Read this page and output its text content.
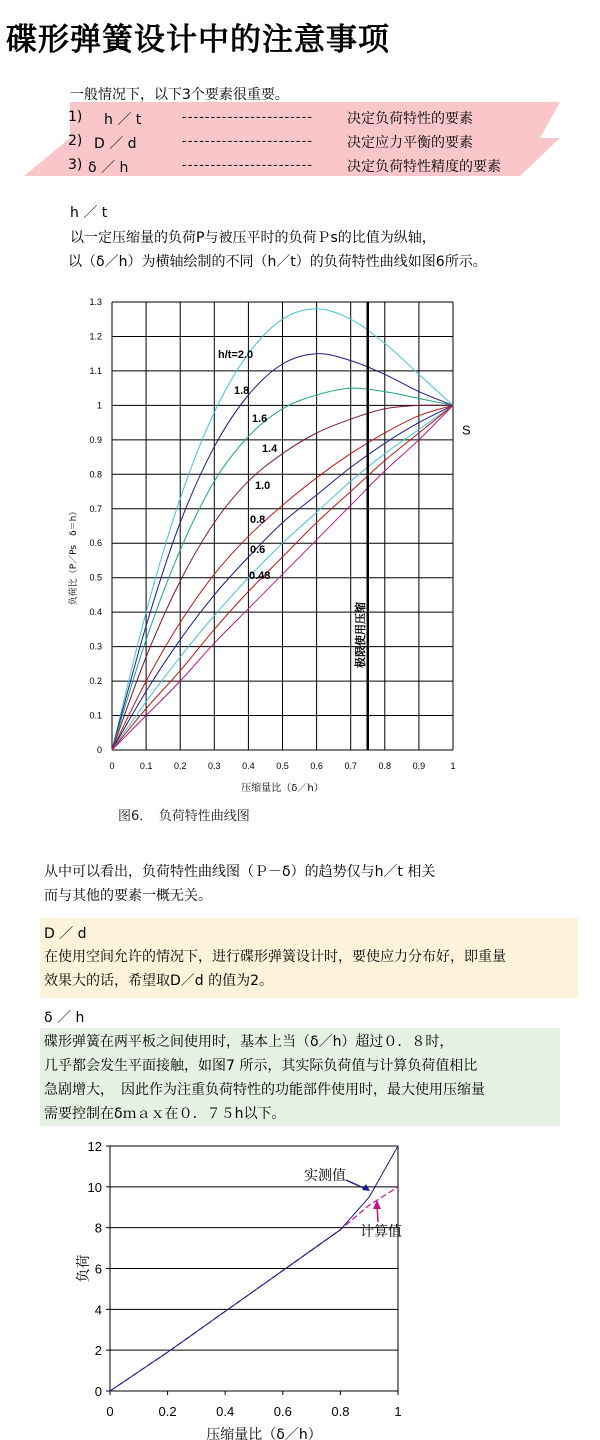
碟形弹簧设计中的注意事项
一般情况下，以下3个要素很重要。
1) h ／ t	----------------------- 决定负荷特性的要素
2) D ／ d	----------------------- 决定应力平衡的要素
3) δ ／ h	----------------------- 决定负荷特性精度的要素
h ／ t
以一定压缩量的负荷P与被压平时的负荷Ｐs的比值为纵轴，
以（δ／h）为横轴绘制的不同（h／t）的负荷特性曲线如图6所示。
0	0.1 0.2 0.3 0.4 0.5 0.6 0.7 0.8 0.9	1
0
0.1
0.2
0.3
0.4
0.5
0.6
0.7
0.8
0.9
1
1.1
1.2
1.3
压缩量比（δ／h）
负荷比（P／Ps　δ＝h）
h/t=2.0
1.8
1.6
1.4
1.0
0.8
0.6
0.48
极限使用压缩
S
图6．　负荷特性曲线图
从中可以看出，负荷特性曲线图（Ｐ－δ）的趋势仅与h／t 相关
而与其他的要素一概无关。
D ／ d
在使用空间允许的情况下，进行碟形弹簧设计时，要使应力分布好，即重量
效果大的话，希望取D／d 的值为2。
δ ／ h
碟形弹簧在两平板之间使用时，基本上当（δ／h）超过０．８时，
几乎都会发生平面接触，如图7 所示，其实际负荷值与计算负荷值相比
急剧增大，　因此作为注重负荷特性的功能部件使用时，最大使用压缩量
需要控制在δｍａｘ在０．７５h以下。
0
2
4
6
8
10
12
0	0.2	0.4	0.6	0.8	1
压缩量比（δ／h）
负荷
实测值
计算值
